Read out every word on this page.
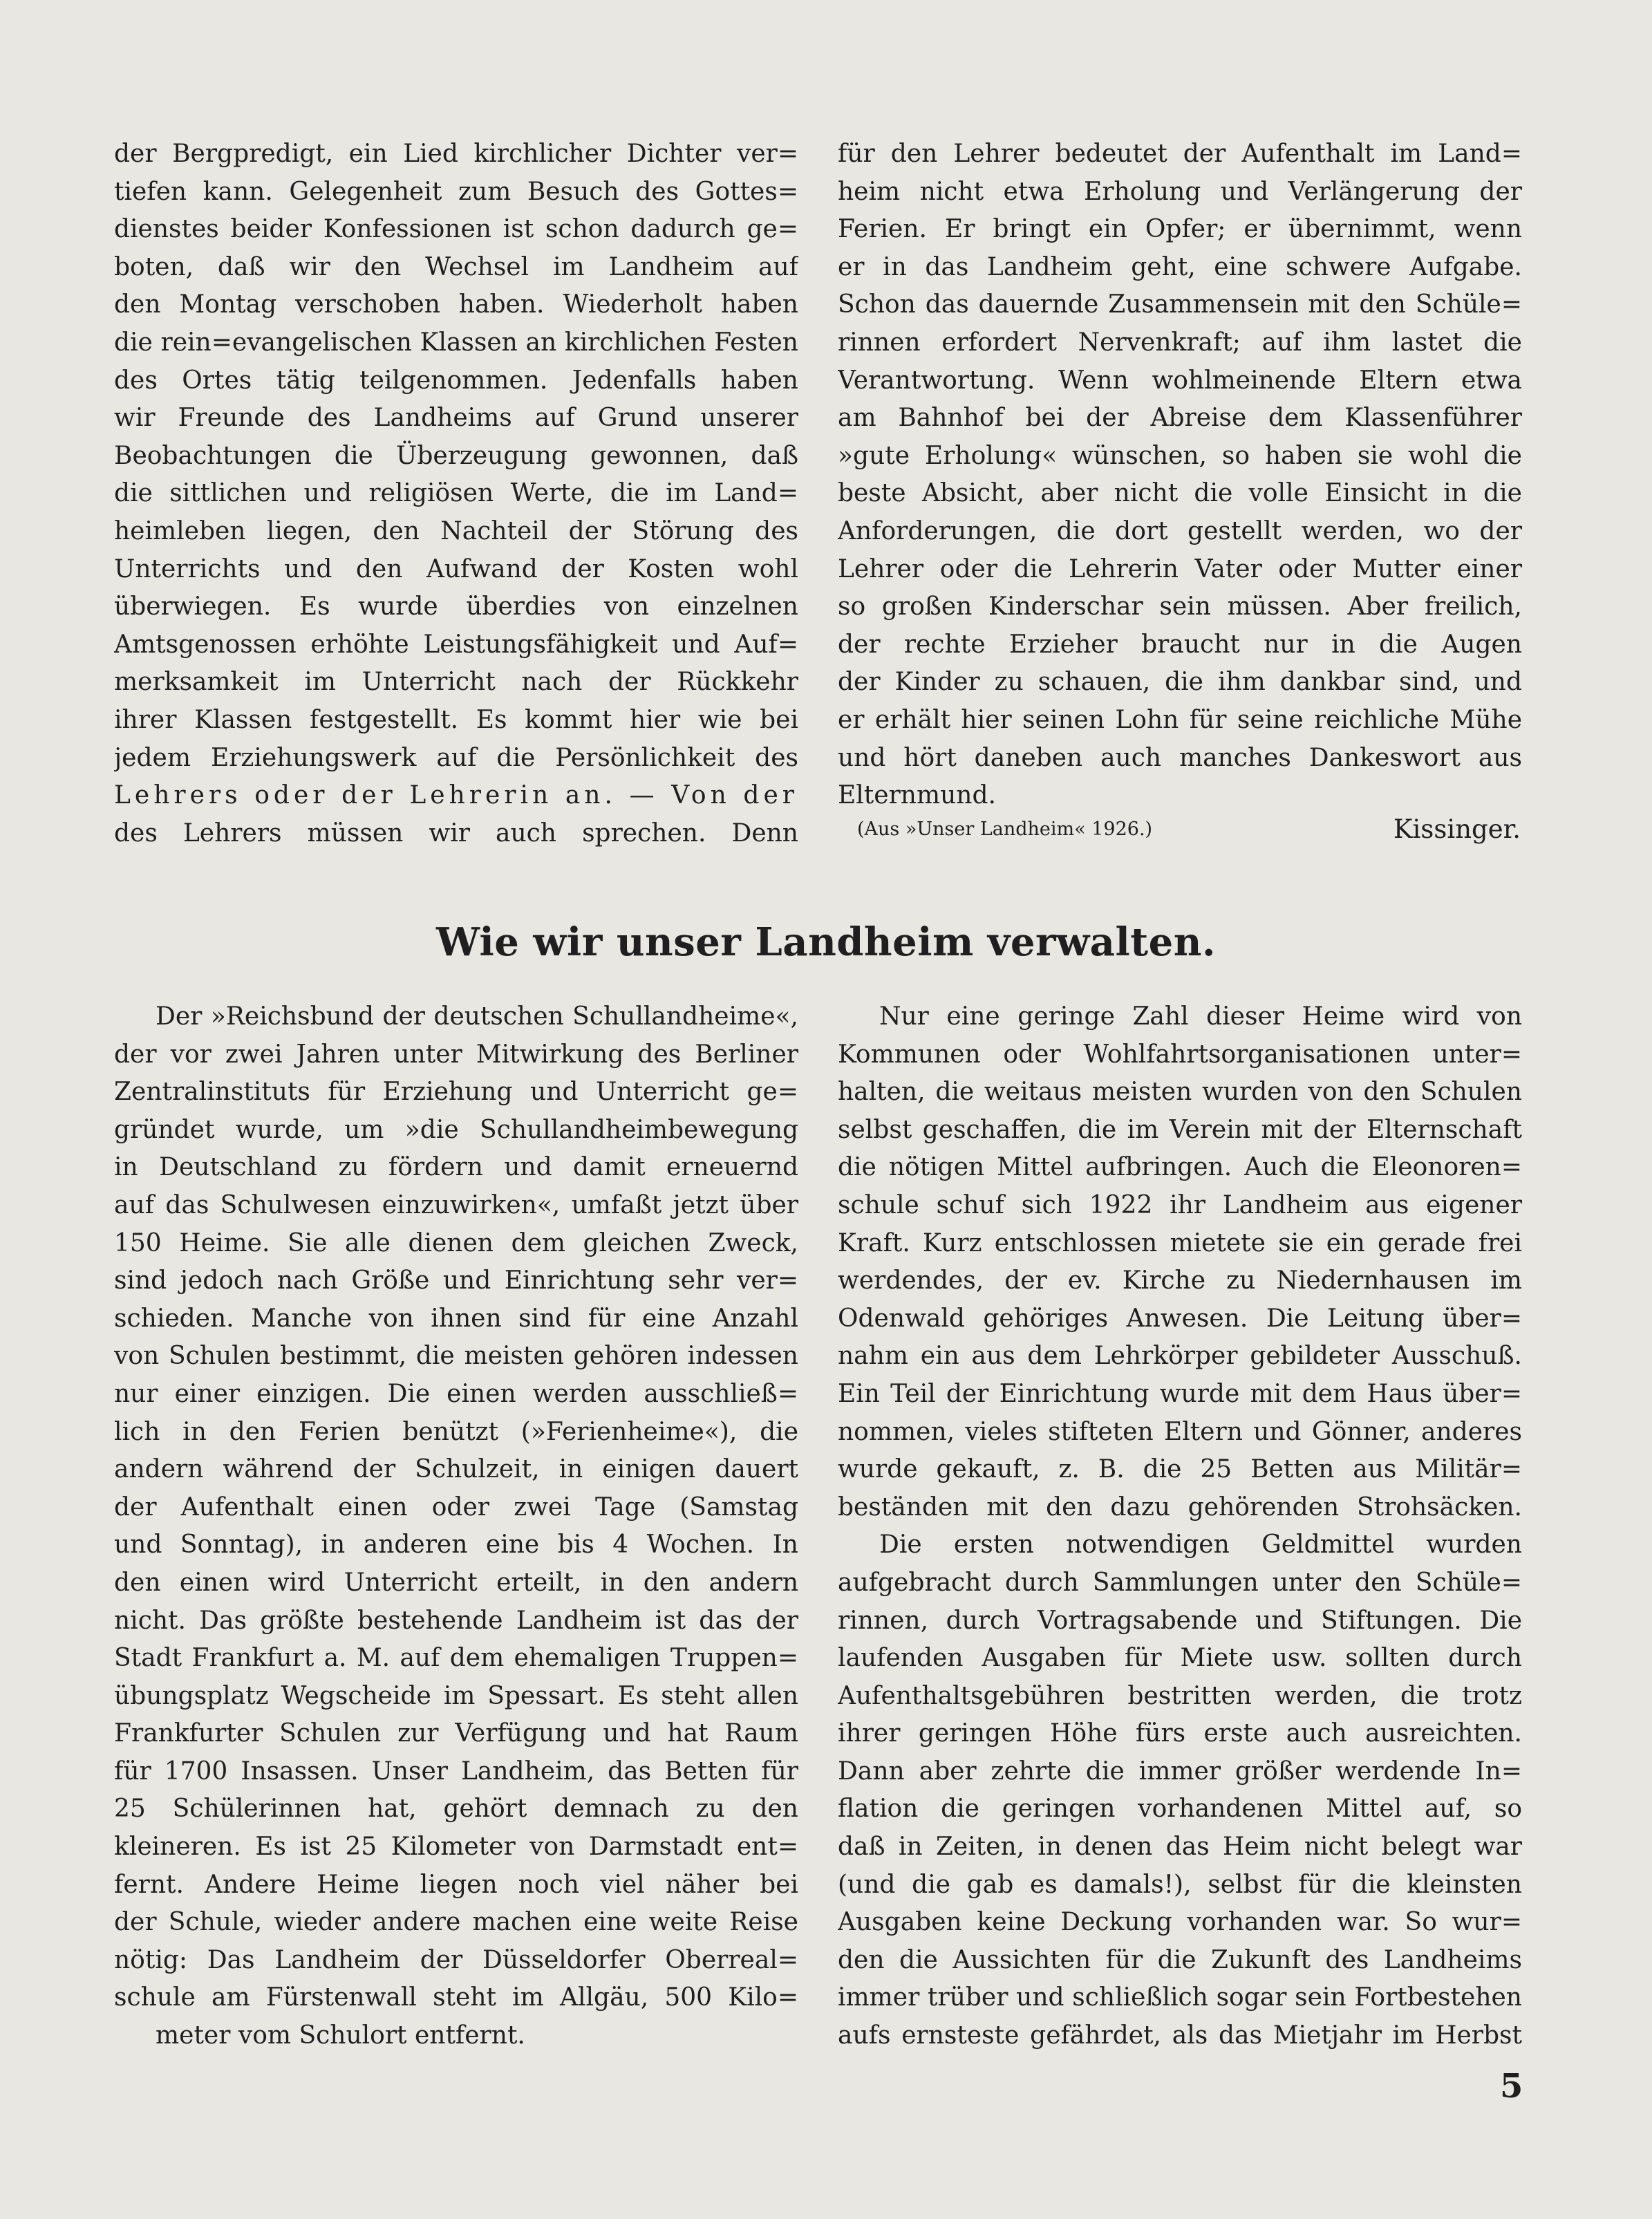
der Bergpredigt, ein Lied kirchlicher Dichter ver=
tiefen kann. Gelegenheit zum Besuch des Gottes=
dienstes beider Konfessionen ist schon dadurch ge=
boten, daß wir den Wechsel im Landheim auf
den Montag verschoben haben. Wiederholt haben
die rein=evangelischen Klassen an kirchlichen Festen
des Ortes tätig teilgenommen. Jedenfalls haben
wir Freunde des Landheims auf Grund unserer
Beobachtungen die Überzeugung gewonnen, daß
die sittlichen und religiösen Werte, die im Land=
heimleben liegen, den Nachteil der Störung des
Unterrichts und den Aufwand der Kosten wohl
überwiegen. Es wurde überdies von einzelnen
Amtsgenossen erhöhte Leistungsfähigkeit und Auf=
merksamkeit im Unterricht nach der Rückkehr
ihrer Klassen festgestellt. Es kommt hier wie bei
jedem Erziehungswerk auf die Persönlichkeit des
Lehrers oder der Lehrerin an. — Von der
des Lehrers müssen wir auch sprechen. Denn
für den Lehrer bedeutet der Aufenthalt im Land=
heim nicht etwa Erholung und Verlängerung der
Ferien. Er bringt ein Opfer; er übernimmt, wenn
er in das Landheim geht, eine schwere Aufgabe.
Schon das dauernde Zusammensein mit den Schüle=
rinnen erfordert Nervenkraft; auf ihm lastet die
Verantwortung. Wenn wohlmeinende Eltern etwa
am Bahnhof bei der Abreise dem Klassenführer
»gute Erholung« wünschen, so haben sie wohl die
beste Absicht, aber nicht die volle Einsicht in die
Anforderungen, die dort gestellt werden, wo der
Lehrer oder die Lehrerin Vater oder Mutter einer
so großen Kinderschar sein müssen. Aber freilich,
der rechte Erzieher braucht nur in die Augen
der Kinder zu schauen, die ihm dankbar sind, und
er erhält hier seinen Lohn für seine reichliche Mühe
und hört daneben auch manches Dankeswort aus
Elternmund.
(Aus »Unser Landheim« 1926.)	Kissinger.
Wie wir unser Landheim verwalten.
Der »Reichsbund der deutschen Schullandheime«,
der vor zwei Jahren unter Mitwirkung des Berliner
Zentralinstituts für Erziehung und Unterricht ge=
gründet wurde, um »die Schullandheimbewegung
in Deutschland zu fördern und damit erneuernd
auf das Schulwesen einzuwirken«, umfaßt jetzt über
150 Heime. Sie alle dienen dem gleichen Zweck,
sind jedoch nach Größe und Einrichtung sehr ver=
schieden. Manche von ihnen sind für eine Anzahl
von Schulen bestimmt, die meisten gehören indessen
nur einer einzigen. Die einen werden ausschließ=
lich in den Ferien benützt (»Ferienheime«), die
andern während der Schulzeit, in einigen dauert
der Aufenthalt einen oder zwei Tage (Samstag
und Sonntag), in anderen eine bis 4 Wochen. In
den einen wird Unterricht erteilt, in den andern
nicht. Das größte bestehende Landheim ist das der
Stadt Frankfurt a. M. auf dem ehemaligen Truppen=
übungsplatz Wegscheide im Spessart. Es steht allen
Frankfurter Schulen zur Verfügung und hat Raum
für 1700 Insassen. Unser Landheim, das Betten für
25 Schülerinnen hat, gehört demnach zu den
kleineren. Es ist 25 Kilometer von Darmstadt ent=
fernt. Andere Heime liegen noch viel näher bei
der Schule, wieder andere machen eine weite Reise
nötig: Das Landheim der Düsseldorfer Oberreal=
schule am Fürstenwall steht im Allgäu, 500 Kilo=
meter vom Schulort entfernt.
Nur eine geringe Zahl dieser Heime wird von
Kommunen oder Wohlfahrtsorganisationen unter=
halten, die weitaus meisten wurden von den Schulen
selbst geschaffen, die im Verein mit der Elternschaft
die nötigen Mittel aufbringen. Auch die Eleonoren=
schule schuf sich 1922 ihr Landheim aus eigener
Kraft. Kurz entschlossen mietete sie ein gerade frei
werdendes, der ev. Kirche zu Niedernhausen im
Odenwald gehöriges Anwesen. Die Leitung über=
nahm ein aus dem Lehrkörper gebildeter Ausschuß.
Ein Teil der Einrichtung wurde mit dem Haus über=
nommen, vieles stifteten Eltern und Gönner, anderes
wurde gekauft, z. B. die 25 Betten aus Militär=
beständen mit den dazu gehörenden Strohsäcken.
Die ersten notwendigen Geldmittel wurden
aufgebracht durch Sammlungen unter den Schüle=
rinnen, durch Vortragsabende und Stiftungen. Die
laufenden Ausgaben für Miete usw. sollten durch
Aufenthaltsgebühren bestritten werden, die trotz
ihrer geringen Höhe fürs erste auch ausreichten.
Dann aber zehrte die immer größer werdende In=
flation die geringen vorhandenen Mittel auf, so
daß in Zeiten, in denen das Heim nicht belegt war
(und die gab es damals!), selbst für die kleinsten
Ausgaben keine Deckung vorhanden war. So wur=
den die Aussichten für die Zukunft des Landheims
immer trüber und schließlich sogar sein Fortbestehen
aufs ernsteste gefährdet, als das Mietjahr im Herbst
5
